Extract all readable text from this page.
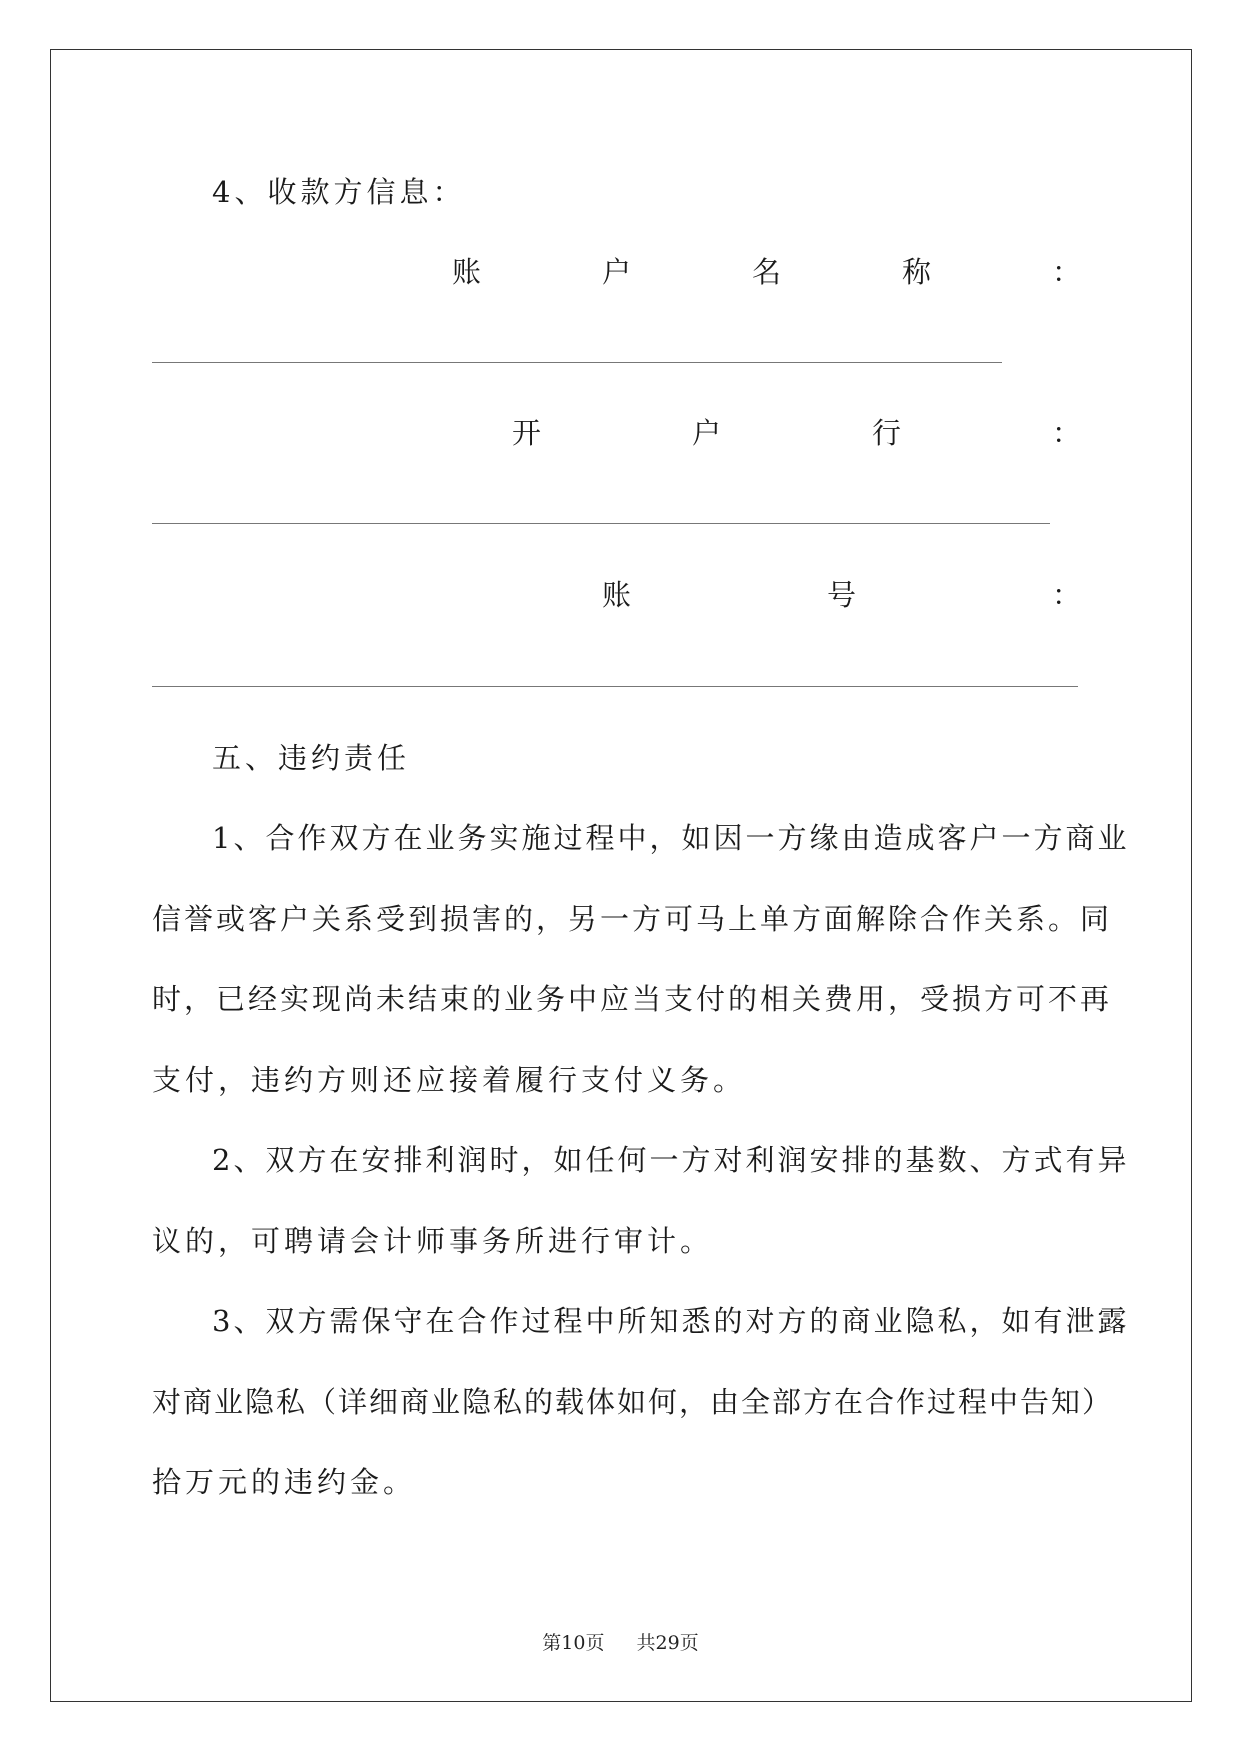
4、收款方信息：
账	户	名	称	：
开	户	行	：
账	号	：
五、违约责任
1、合作双方在业务实施过程中，如因一方缘由造成客户一方商业
信誉或客户关系受到损害的，另一方可马上单方面解除合作关系。同
时，已经实现尚未结束的业务中应当支付的相关费用，受损方可不再
支付，违约方则还应接着履行支付义务。
2、双方在安排利润时，如任何一方对利润安排的基数、方式有异
议的，可聘请会计师事务所进行审计。
3、双方需保守在合作过程中所知悉的对方的商业隐私，如有泄露
对商业隐私（详细商业隐私的载体如何，由全部方在合作过程中告知）
拾万元的违约金。
第10页 共29页
